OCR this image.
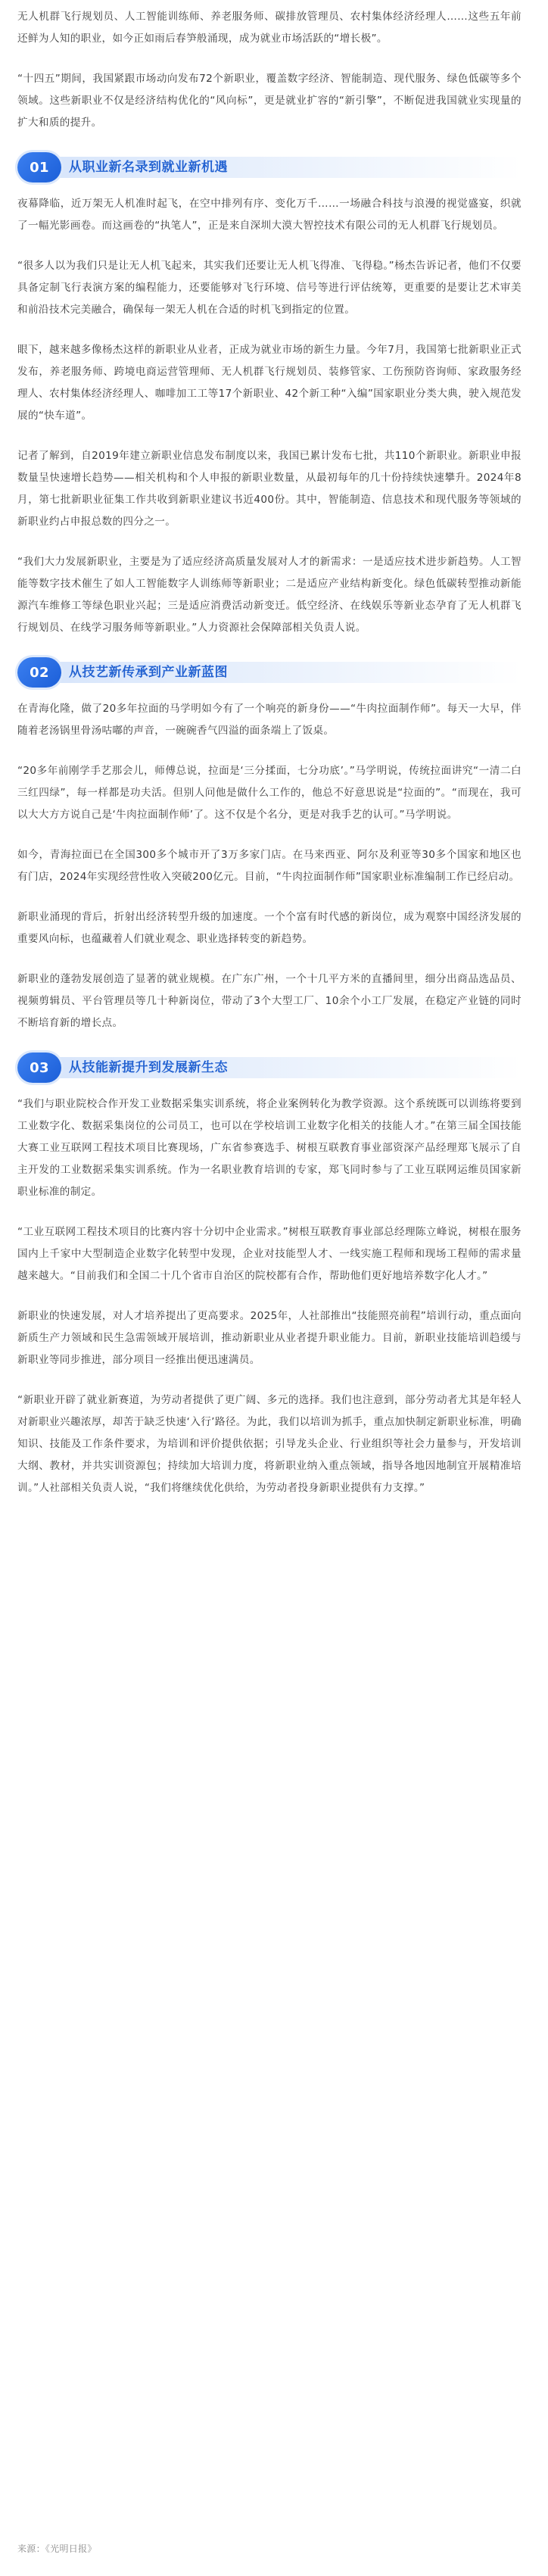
无人机群飞行规划员、人工智能训练师、养老服务师、碳排放管理员、农村集体经济经理人……这些五年前还鲜为人知的职业，如今正如雨后春笋般涌现，成为就业市场活跃的“增长极”。

“十四五”期间，我国紧跟市场动向发布72个新职业，覆盖数字经济、智能制造、现代服务、绿色低碳等多个领域。这些新职业不仅是经济结构优化的“风向标”，更是就业扩容的“新引擎”，不断促进我国就业实现量的扩大和质的提升。

01	从职业新名录到就业新机遇

夜幕降临，近万架无人机准时起飞，在空中排列有序、变化万千……一场融合科技与浪漫的视觉盛宴，织就了一幅光影画卷。而这画卷的“执笔人”，正是来自深圳大漠大智控技术有限公司的无人机群飞行规划员。

“很多人以为我们只是让无人机飞起来，其实我们还要让无人机飞得准、飞得稳。”杨杰告诉记者，他们不仅要具备定制飞行表演方案的编程能力，还要能够对飞行环境、信号等进行评估统筹，更重要的是要让艺术审美和前沿技术完美融合，确保每一架无人机在合适的时机飞到指定的位置。

眼下，越来越多像杨杰这样的新职业从业者，正成为就业市场的新生力量。今年7月，我国第七批新职业正式发布，养老服务师、跨境电商运营管理师、无人机群飞行规划员、装修管家、工伤预防咨询师、家政服务经理人、农村集体经济经理人、咖啡加工工等17个新职业、42个新工种“入编”国家职业分类大典，驶入规范发展的“快车道”。

记者了解到，自2019年建立新职业信息发布制度以来，我国已累计发布七批，共110个新职业。新职业申报数量呈快速增长趋势——相关机构和个人申报的新职业数量，从最初每年的几十份持续快速攀升。2024年8月，第七批新职业征集工作共收到新职业建议书近400份。其中，智能制造、信息技术和现代服务等领域的新职业约占申报总数的四分之一。

“我们大力发展新职业，主要是为了适应经济高质量发展对人才的新需求：一是适应技术进步新趋势。人工智能等数字技术催生了如人工智能数字人训练师等新职业；二是适应产业结构新变化。绿色低碳转型推动新能源汽车维修工等绿色职业兴起；三是适应消费活动新变迁。低空经济、在线娱乐等新业态孕育了无人机群飞行规划员、在线学习服务师等新职业。”人力资源社会保障部相关负责人说。

02	从技艺新传承到产业新蓝图

在青海化隆，做了20多年拉面的马学明如今有了一个响亮的新身份——“牛肉拉面制作师”。每天一大早，伴随着老汤锅里骨汤咕嘟的声音，一碗碗香气四溢的面条端上了饭桌。

“20多年前刚学手艺那会儿，师傅总说，拉面是‘三分揉面，七分功底’。”马学明说，传统拉面讲究“一清二白三红四绿”，每一样都是功夫活。但别人问他是做什么工作的，他总不好意思说是“拉面的”。“而现在，我可以大大方方说自己是‘牛肉拉面制作师’了。这不仅是个名分，更是对我手艺的认可。”马学明说。

如今，青海拉面已在全国300多个城市开了3万多家门店。在马来西亚、阿尔及利亚等30多个国家和地区也有门店，2024年实现经营性收入突破200亿元。目前，“牛肉拉面制作师”国家职业标准编制工作已经启动。

新职业涌现的背后，折射出经济转型升级的加速度。一个个富有时代感的新岗位，成为观察中国经济发展的重要风向标，也蕴藏着人们就业观念、职业选择转变的新趋势。

新职业的蓬勃发展创造了显著的就业规模。在广东广州，一个十几平方米的直播间里，细分出商品选品员、视频剪辑员、平台管理员等几十种新岗位，带动了3个大型工厂、10余个小工厂发展，在稳定产业链的同时不断培育新的增长点。

03	从技能新提升到发展新生态

“我们与职业院校合作开发工业数据采集实训系统，将企业案例转化为教学资源。这个系统既可以训练将要到工业数字化、数据采集岗位的公司员工，也可以在学校培训工业数字化相关的技能人才。”在第三届全国技能大赛工业互联网工程技术项目比赛现场，广东省参赛选手、树根互联教育事业部资深产品经理郑飞展示了自主开发的工业数据采集实训系统。作为一名职业教育培训的专家，郑飞同时参与了工业互联网运维员国家新职业标准的制定。

“工业互联网工程技术项目的比赛内容十分切中企业需求。”树根互联教育事业部总经理陈立峰说，树根在服务国内上千家中大型制造企业数字化转型中发现，企业对技能型人才、一线实施工程师和现场工程师的需求量越来越大。“目前我们和全国二十几个省市自治区的院校都有合作，帮助他们更好地培养数字化人才。”

新职业的快速发展，对人才培养提出了更高要求。2025年，人社部推出“技能照亮前程”培训行动，重点面向新质生产力领域和民生急需领域开展培训，推动新职业从业者提升职业能力。目前，新职业技能培训趋缓与新职业等同步推进，部分项目一经推出便迅速满员。

“新职业开辟了就业新赛道，为劳动者提供了更广阔、多元的选择。我们也注意到，部分劳动者尤其是年轻人对新职业兴趣浓厚，却苦于缺乏快速‘入行’路径。为此，我们以培训为抓手，重点加快制定新职业标准，明确知识、技能及工作条件要求，为培训和评价提供依据；引导龙头企业、行业组织等社会力量参与，开发培训大纲、教材，并共实训资源包；持续加大培训力度，将新职业纳入重点领域，指导各地因地制宜开展精准培训。”人社部相关负责人说，“我们将继续优化供给，为劳动者投身新职业提供有力支撑。”

来源：《光明日报》
